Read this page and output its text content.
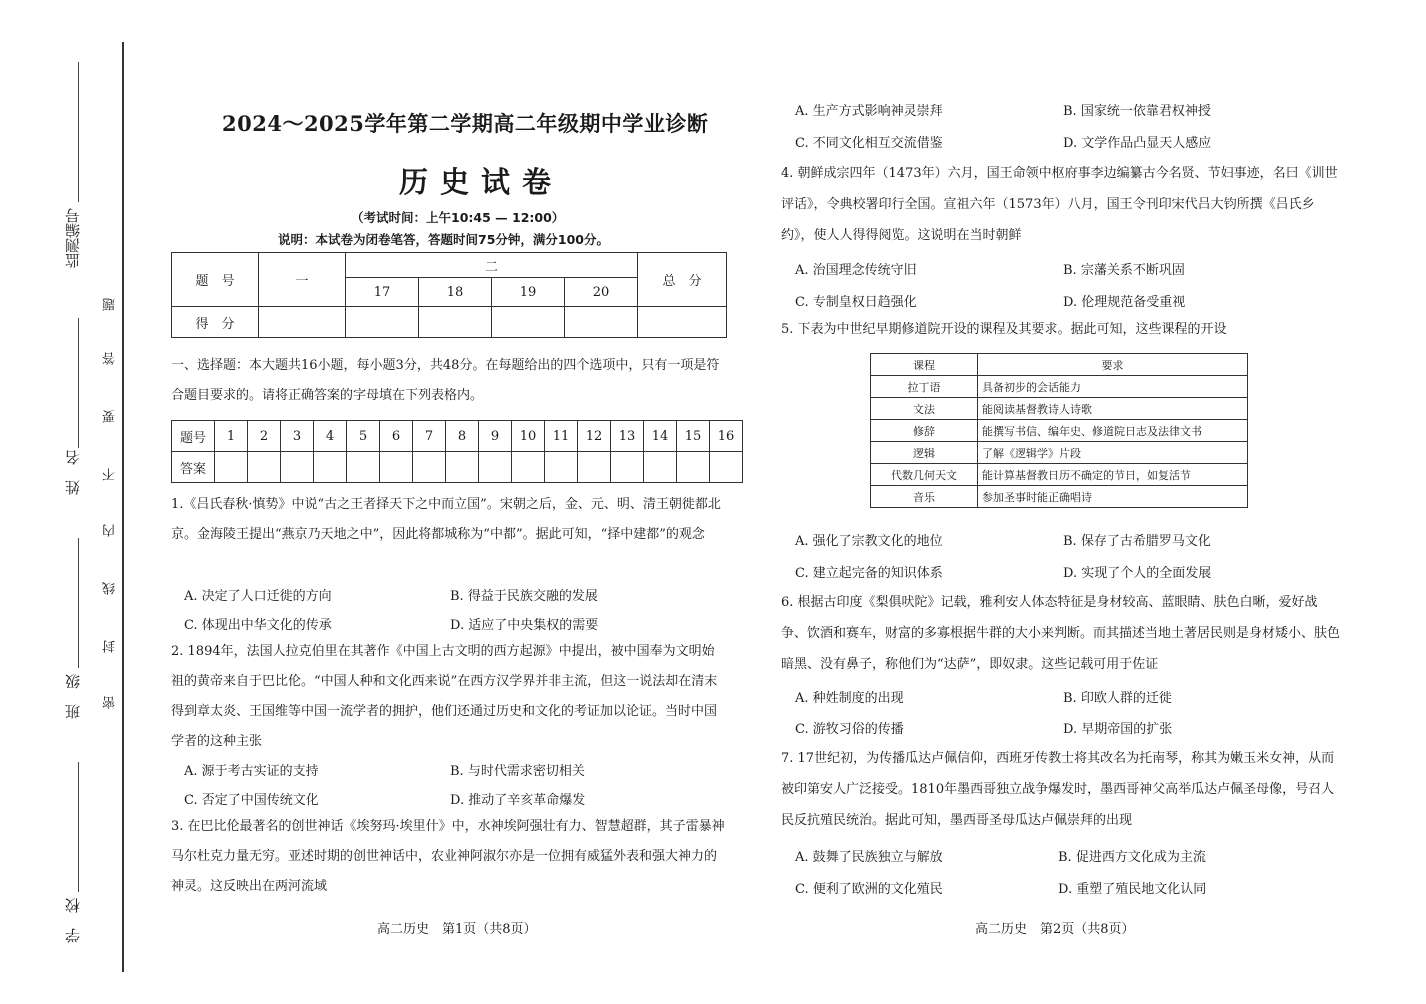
监测编号
姓　名
班　级
学　校
题
答
要
不
内
线
封
密
2024～2025学年第二学期高二年级期中学业诊断
历史试卷
（考试时间：上午10:45 — 12:00）
说明：本试卷为闭卷笔答，答题时间75分钟，满分100分。
题　号	一	二				总　分
		17	18	19	20	
得　分						
一、选择题：本大题共16小题，每小题3分，共48分。在每题给出的四个选项中，只有一项是符合题目要求的。请将正确答案的字母填在下列表格内。
题号	1	2	3	4	5	6	7	8	9	10	11	12	13	14	15	16
答案																
1.《吕氏春秋·慎势》中说“古之王者择天下之中而立国”。宋朝之后，金、元、明、清王朝徙都北京。金海陵王提出“燕京乃天地之中”，因此将都城称为“中都”。据此可知，“择中建都”的观念
A. 决定了人口迁徙的方向	B. 得益于民族交融的发展
C. 体现出中华文化的传承	D. 适应了中央集权的需要
2. 1894年，法国人拉克伯里在其著作《中国上古文明的西方起源》中提出，被中国奉为文明始祖的黄帝来自于巴比伦。“中国人种和文化西来说”在西方汉学界并非主流，但这一说法却在清末得到章太炎、王国维等中国一流学者的拥护，他们还通过历史和文化的考证加以论证。当时中国学者的这种主张
A. 源于考古实证的支持	B. 与时代需求密切相关
C. 否定了中国传统文化	D. 推动了辛亥革命爆发
3. 在巴比伦最著名的创世神话《埃努玛·埃里什》中，水神埃阿强壮有力、智慧超群，其子雷暴神马尔杜克力量无穷。亚述时期的创世神话中，农业神阿淑尔亦是一位拥有威猛外表和强大神力的神灵。这反映出在两河流域
高二历史　第1页（共8页）
A. 生产方式影响神灵崇拜	B. 国家统一依靠君权神授
C. 不同文化相互交流借鉴	D. 文学作品凸显天人感应
4. 朝鲜成宗四年（1473年）六月，国王命领中枢府事李边编纂古今名贤、节妇事迹，名曰《训世评话》，令典校署印行全国。宣祖六年（1573年）八月，国王令刊印宋代吕大钧所撰《吕氏乡约》，使人人得得阅览。这说明在当时朝鲜
A. 治国理念传统守旧	B. 宗藩关系不断巩固
C. 专制皇权日趋强化	D. 伦理规范备受重视
5. 下表为中世纪早期修道院开设的课程及其要求。据此可知，这些课程的开设
课程	要求
拉丁语	具备初步的会话能力
文法	能阅读基督教诗人诗歌
修辞	能撰写书信、编年史、修道院日志及法律文书
逻辑	了解《逻辑学》片段
代数几何天文	能计算基督教日历不确定的节日，如复活节
音乐	参加圣事时能正确唱诗
A. 强化了宗教文化的地位	B. 保存了古希腊罗马文化
C. 建立起完备的知识体系	D. 实现了个人的全面发展
6. 根据古印度《梨俱吠陀》记载，雅利安人体态特征是身材较高、蓝眼睛、肤色白晰，爱好战争、饮酒和赛车，财富的多寡根据牛群的大小来判断。而其描述当地土著居民则是身材矮小、肤色暗黑、没有鼻子，称他们为“达萨”，即奴隶。这些记载可用于佐证
A. 种姓制度的出现	B. 印欧人群的迁徙
C. 游牧习俗的传播	D. 早期帝国的扩张
7. 17世纪初，为传播瓜达卢佩信仰，西班牙传教士将其改名为托南琴，称其为嫩玉米女神，从而被印第安人广泛接受。1810年墨西哥独立战争爆发时，墨西哥神父高举瓜达卢佩圣母像，号召人民反抗殖民统治。据此可知，墨西哥圣母瓜达卢佩崇拜的出现
A. 鼓舞了民族独立与解放	B. 促进西方文化成为主流
C. 便利了欧洲的文化殖民	D. 重塑了殖民地文化认同
高二历史　第2页（共8页）
